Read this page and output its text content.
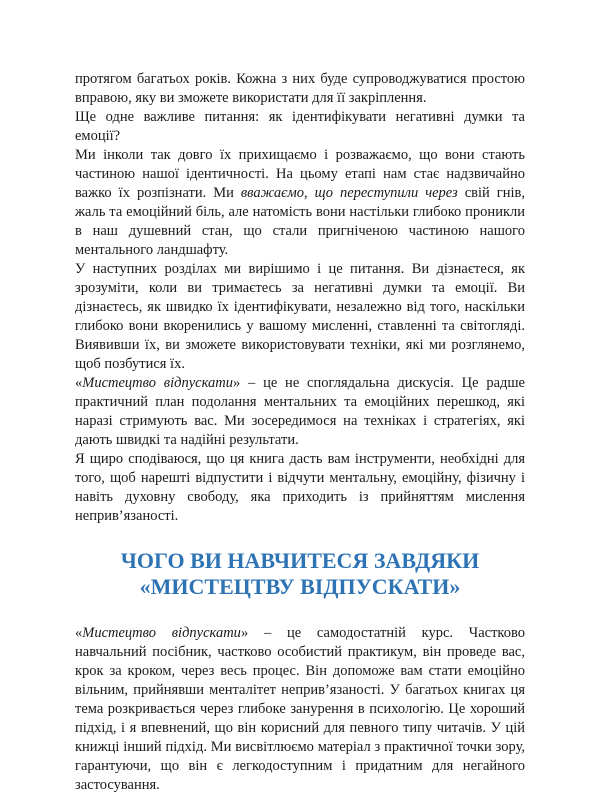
протягом багатьох років. Кожна з них буде супроводжуватися простою вправою, яку ви зможете використати для її закріплення.

Ще одне важливе питання: як ідентифікувати негативні думки та емоції?

Ми інколи так довго їх прихищаємо і розважаємо, що вони стають частиною нашої ідентичності. На цьому етапі нам стає надзвичайно важко їх розпізнати. Ми вважаємо, що переступили через свій гнів, жаль та емоційний біль, але натомість вони настільки глибоко проникли в наш душевний стан, що стали пригніченою частиною нашого ментального ландшафту.

У наступних розділах ми вирішимо і це питання. Ви дізнаєтеся, як зрозуміти, коли ви тримаєтесь за негативні думки та емоції. Ви дізнаєтесь, як швидко їх ідентифікувати, незалежно від того, наскільки глибоко вони вкоренились у вашому мисленні, ставленні та світогляді. Виявивши їх, ви зможете використовувати техніки, які ми розглянемо, щоб позбутися їх.

«Мистецтво відпускати» – це не споглядальна дискусія. Це радше практичний план подолання ментальних та емоційних перешкод, які наразі стримують вас. Ми зосередимося на техніках і стратегіях, які дають швидкі та надійні результати.

Я щиро сподіваюся, що ця книга дасть вам інструменти, необхідні для того, щоб нарешті відпустити і відчути ментальну, емоційну, фізичну і навіть духовну свободу, яка приходить із прийняттям мислення неприв’язаності.

ЧОГО ВИ НАВЧИТЕСЯ ЗАВДЯКИ
«МИСТЕЦТВУ ВІДПУСКАТИ»

«Мистецтво відпускати» – це самодостатній курс. Частково навчальний посібник, частково особистий практикум, він проведе вас, крок за кроком, через весь процес. Він допоможе вам стати емоційно вільним, прийнявши менталітет неприв’язаності. У багатьох книгах ця тема розкривається через глибоке занурення в психологію. Це хороший підхід, і я впевнений, що він корисний для певного типу читачів. У цій книжці інший підхід. Ми висвітлюємо матеріал з практичної точки зору, гарантуючи, що він є легкодоступним і придатним для негайного застосування.
